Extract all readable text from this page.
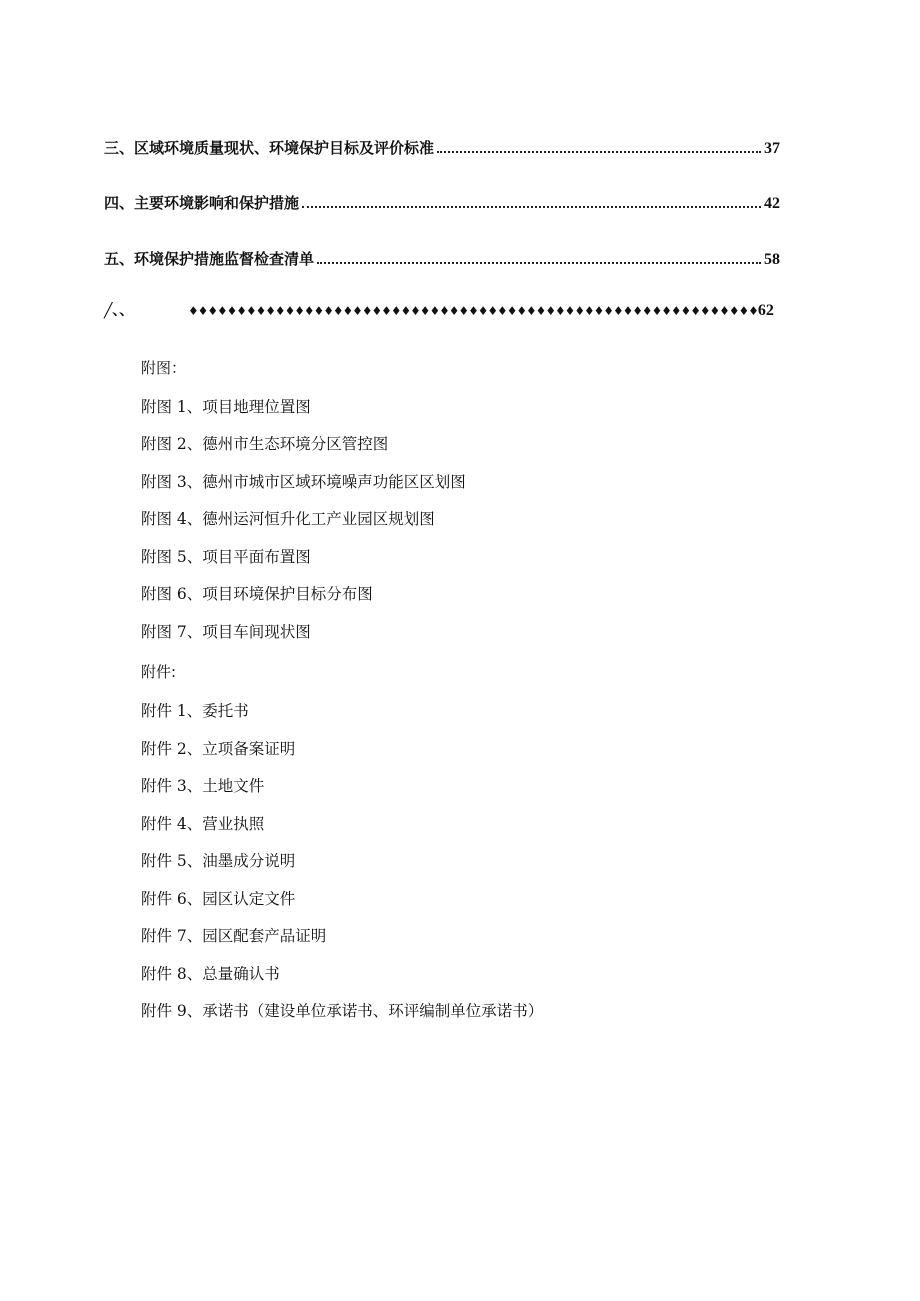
三、区域环境质量现状、环境保护目标及评价标准	37
四、主要环境影响和保护措施	42
五、环境保护措施监督检查清单	58
╱、、	♦♦♦♦♦♦♦♦♦♦♦♦♦♦♦♦♦♦♦♦♦♦♦♦♦♦♦♦♦♦♦♦♦♦♦♦♦♦♦♦♦♦♦♦♦♦♦♦♦♦♦♦♦♦♦♦♦♦♦62
附图：
附图 1、项目地理位置图
附图 2、德州市生态环境分区管控图
附图 3、德州市城市区域环境噪声功能区区划图
附图 4、德州运河恒升化工产业园区规划图
附图 5、项目平面布置图
附图 6、项目环境保护目标分布图
附图 7、项目车间现状图
附件:
附件 1、委托书
附件 2、立项备案证明
附件 3、土地文件
附件 4、营业执照
附件 5、油墨成分说明
附件 6、园区认定文件
附件 7、园区配套产品证明
附件 8、总量确认书
附件 9、承诺书（建设单位承诺书、环评编制单位承诺书）
